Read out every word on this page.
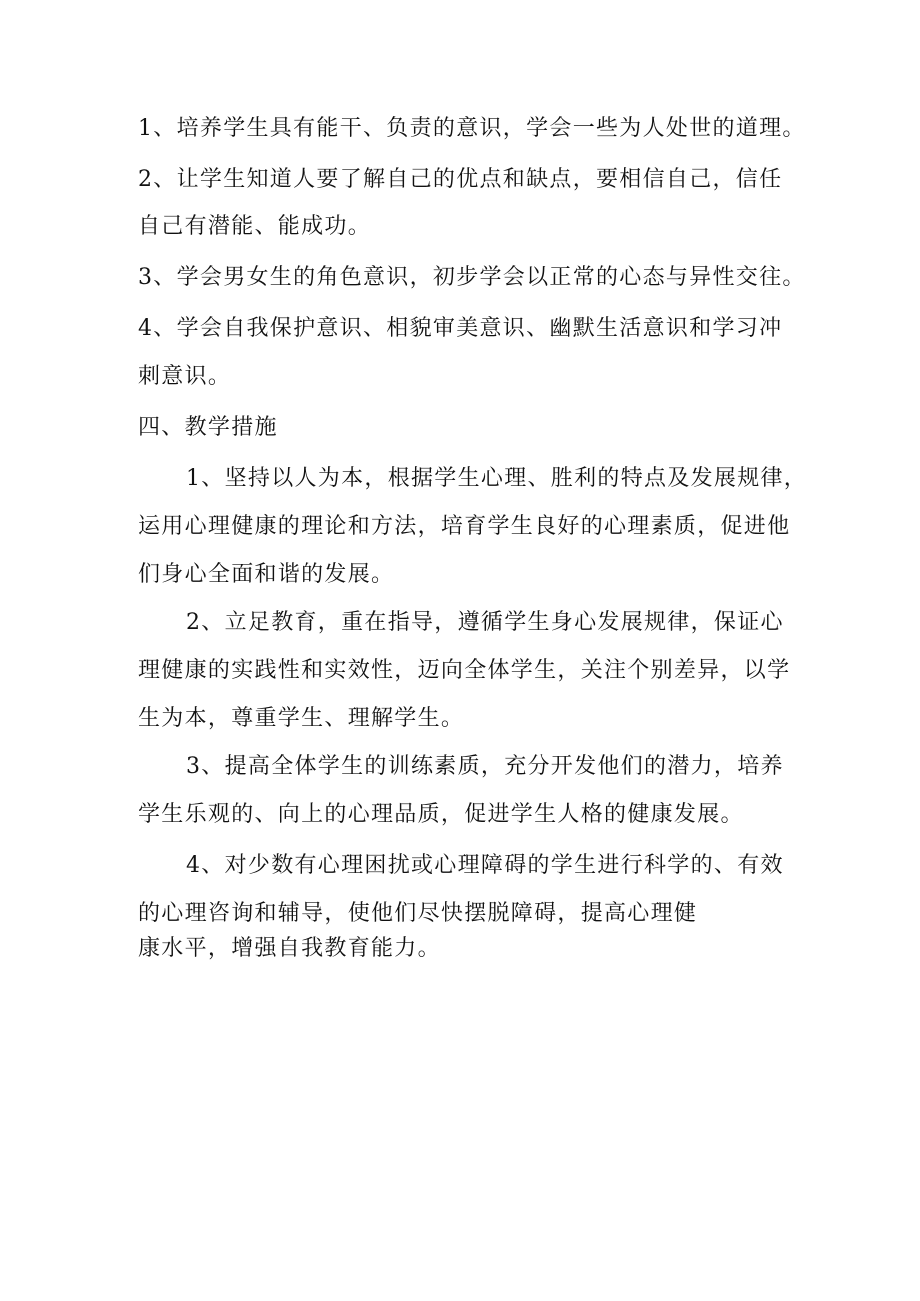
1、培养学生具有能干、负责的意识，学会一些为人处世的道理。
2、让学生知道人要了解自己的优点和缺点，要相信自己，信任
自己有潜能、能成功。
3、学会男女生的角色意识，初步学会以正常的心态与异性交往。
4、学会自我保护意识、相貌审美意识、幽默生活意识和学习冲
刺意识。
四、教学措施
1、坚持以人为本，根据学生心理、胜利的特点及发展规律，
运用心理健康的理论和方法，培育学生良好的心理素质，促进他
们身心全面和谐的发展。
2、立足教育，重在指导，遵循学生身心发展规律，保证心
理健康的实践性和实效性，迈向全体学生，关注个别差异，以学
生为本，尊重学生、理解学生。
3、提高全体学生的训练素质，充分开发他们的潜力，培养
学生乐观的、向上的心理品质，促进学生人格的健康发展。
4、对少数有心理困扰或心理障碍的学生进行科学的、有效
的心理咨询和辅导，使他们尽快摆脱障碍，提高心理健
康水平，增强自我教育能力。
